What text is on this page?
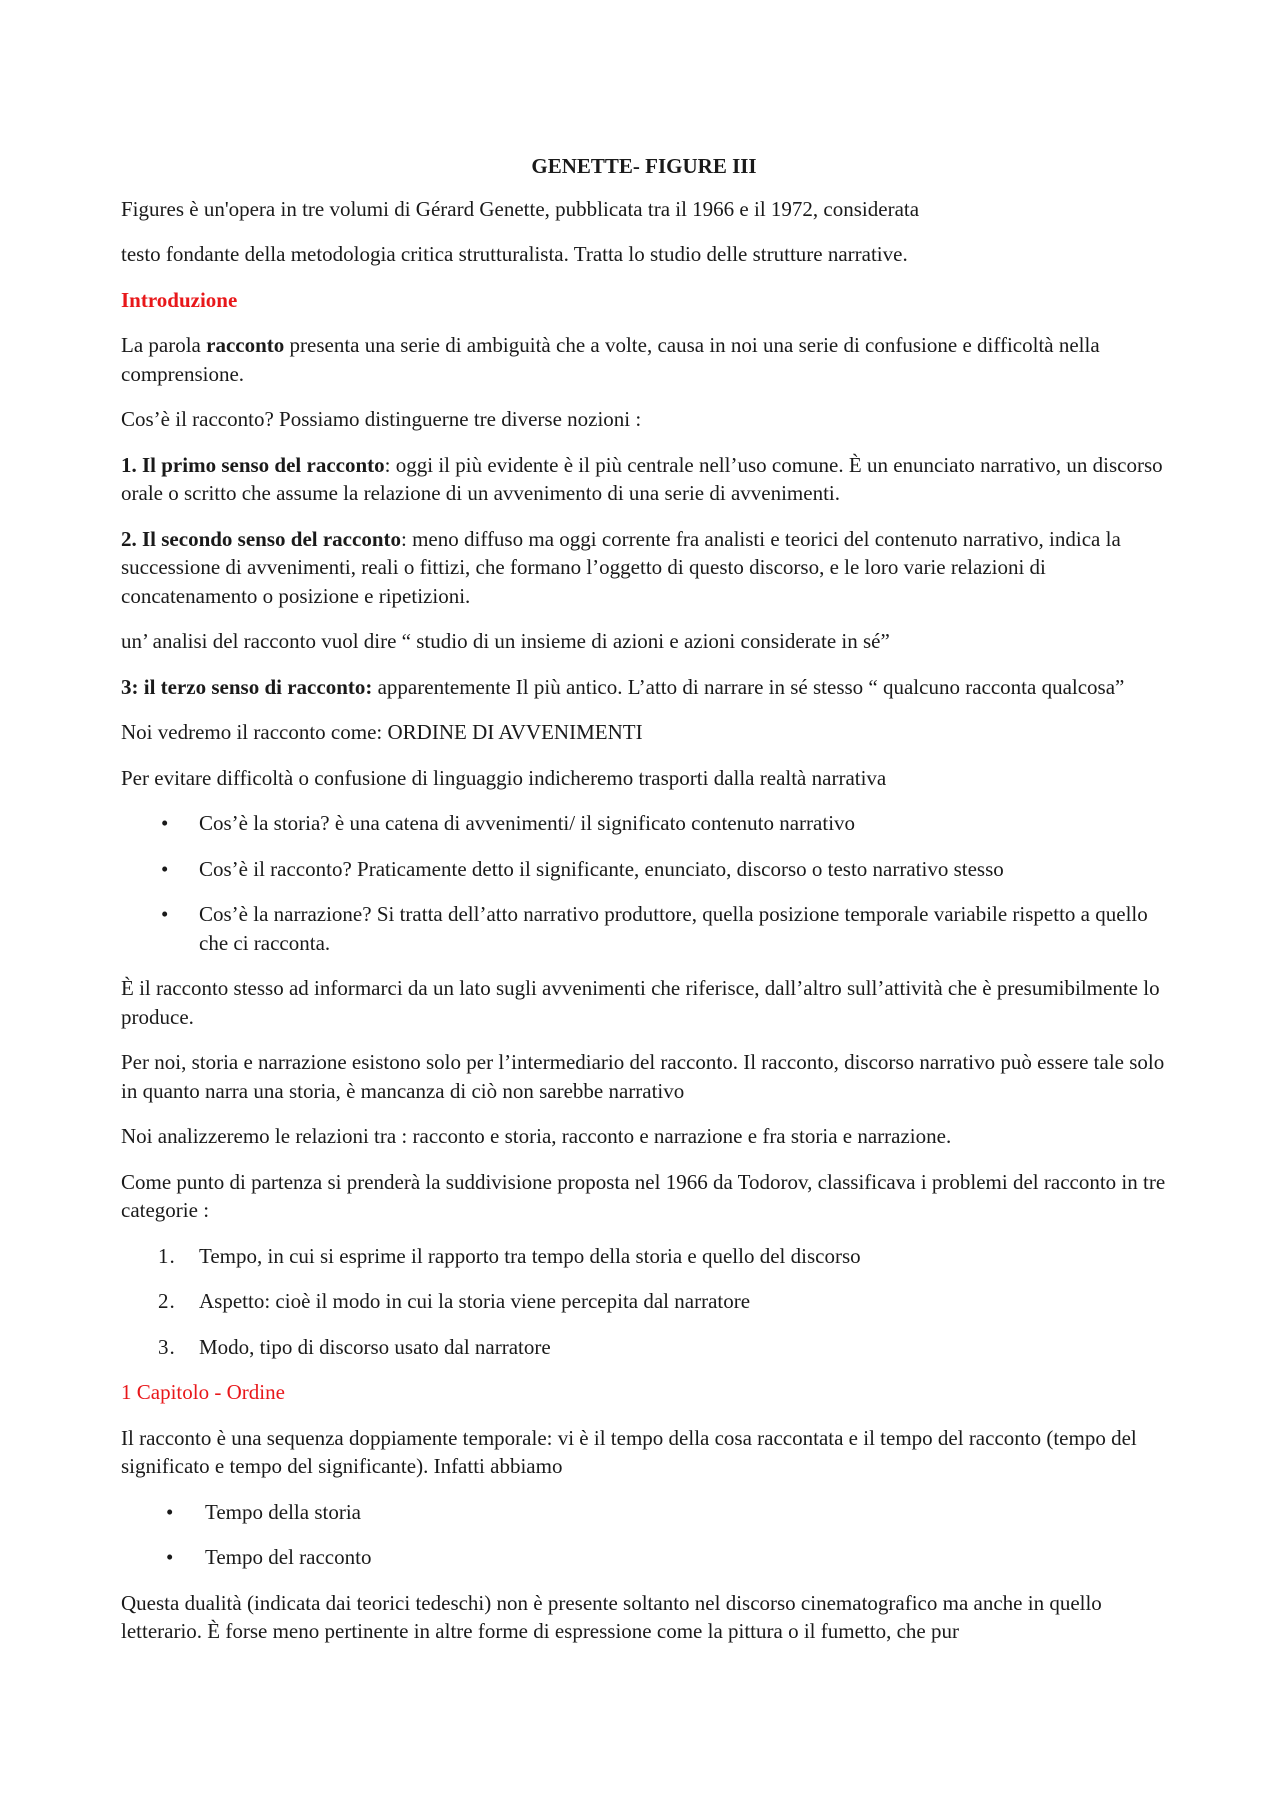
GENETTE- FIGURE III

Figures è un'opera in tre volumi di Gérard Genette, pubblicata tra il 1966 e il 1972, considerata

testo fondante della metodologia critica strutturalista. Tratta lo studio delle strutture narrative.

Introduzione

La parola racconto presenta una serie di ambiguità che a volte, causa in noi una serie di confusione e difficoltà nella comprensione.

Cos’è il racconto? Possiamo distinguerne tre diverse nozioni :

1. Il primo senso del racconto: oggi il più evidente è il più centrale nell’uso comune. È un enunciato narrativo, un discorso orale o scritto che assume la relazione di un avvenimento di una serie di avvenimenti.

2. Il secondo senso del racconto: meno diffuso ma oggi corrente fra analisti e teorici del contenuto narrativo, indica la successione di avvenimenti, reali o fittizi, che formano l’oggetto di questo discorso, e le loro varie relazioni di concatenamento o posizione e ripetizioni.

un’ analisi del racconto vuol dire “ studio di un insieme di azioni e azioni considerate in sé”

3: il terzo senso di racconto: apparentemente Il più antico. L’atto di narrare in sé stesso “ qualcuno racconta qualcosa”

Noi vedremo il racconto come: ORDINE DI AVVENIMENTI

Per evitare difficoltà o confusione di linguaggio indicheremo trasporti dalla realtà narrativa

• Cos’è la storia? è una catena di avvenimenti/ il significato contenuto narrativo
• Cos’è il racconto? Praticamente detto il significante, enunciato, discorso o testo narrativo stesso
• Cos’è la narrazione? Si tratta dell’atto narrativo produttore, quella posizione temporale variabile rispetto a quello che ci racconta.

È il racconto stesso ad informarci da un lato sugli avvenimenti che riferisce, dall’altro sull’attività che è presumibilmente lo produce.

Per noi, storia e narrazione esistono solo per l’intermediario del racconto. Il racconto, discorso narrativo può essere tale solo in quanto narra una storia, è mancanza di ciò non sarebbe narrativo

Noi analizzeremo le relazioni tra : racconto e storia, racconto e narrazione e fra storia e narrazione.

Come punto di partenza si prenderà la suddivisione proposta nel 1966 da Todorov, classificava i problemi del racconto in tre categorie :

1. Tempo, in cui si esprime il rapporto tra tempo della storia e quello del discorso
2. Aspetto: cioè il modo in cui la storia viene percepita dal narratore
3. Modo, tipo di discorso usato dal narratore

1 Capitolo - Ordine

Il racconto è una sequenza doppiamente temporale: vi è il tempo della cosa raccontata e il tempo del racconto (tempo del significato e tempo del significante). Infatti abbiamo

• Tempo della storia
• Tempo del racconto

Questa dualità (indicata dai teorici tedeschi) non è presente soltanto nel discorso cinematografico ma anche in quello letterario. È forse meno pertinente in altre forme di espressione come la pittura o il fumetto, che pur
